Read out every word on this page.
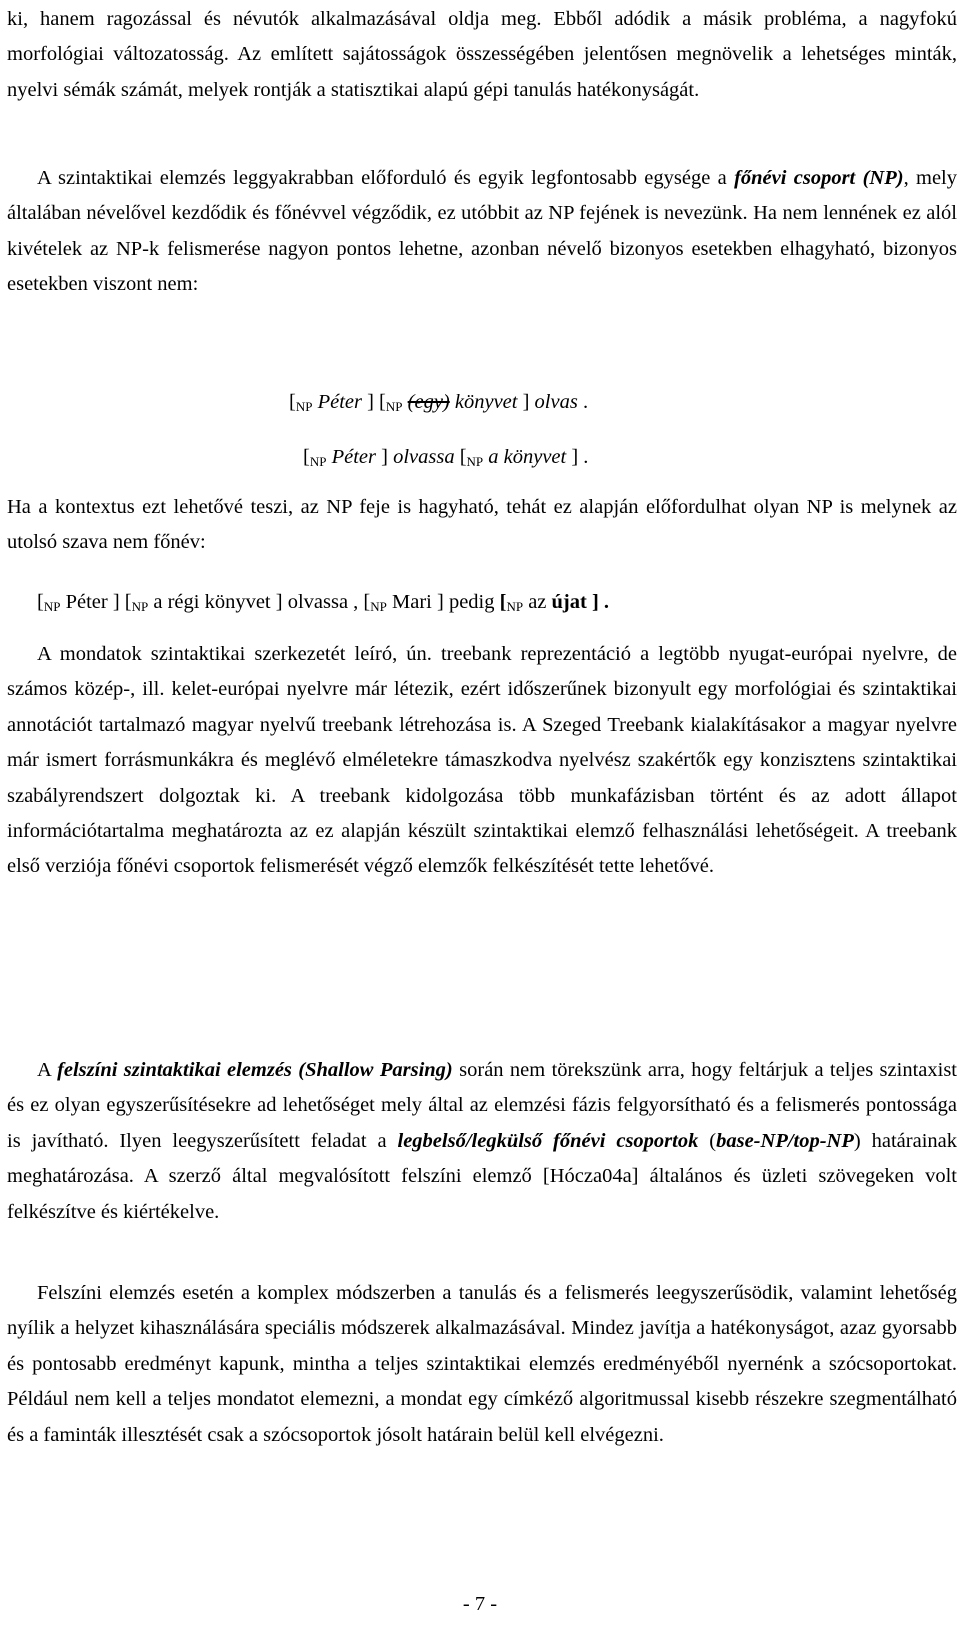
ki, hanem ragozással és névutók alkalmazásával oldja meg. Ebből adódik a másik probléma, a nagyfokú morfológiai változatosság. Az említett sajátosságok összességében jelentősen megnövelik a lehetséges minták, nyelvi sémák számát, melyek rontják a statisztikai alapú gépi tanulás hatékonyságát.

A szintaktikai elemzés leggyakrabban előforduló és egyik legfontosabb egysége a főnévi csoport (NP), mely általában névelővel kezdődik és főnévvel végződik, ez utóbbit az NP fejének is nevezünk. Ha nem lennének ez alól kivételek az NP-k felismerése nagyon pontos lehetne, azonban névelő bizonyos esetekben elhagyható, bizonyos esetekben viszont nem:

[NP Péter ] [NP (egy) könyvet ] olvas .
[NP Péter ] olvassa [NP a könyvet ] .

Ha a kontextus ezt lehetővé teszi, az NP feje is hagyható, tehát ez alapján előfordulhat olyan NP is melynek az utolsó szava nem főnév:

[NP Péter ] [NP a régi könyvet ] olvassa , [NP Mari ] pedig [NP az újat ] .

A mondatok szintaktikai szerkezetét leíró, ún. treebank reprezentáció a legtöbb nyugat-európai nyelvre, de számos közép-, ill. kelet-európai nyelvre már létezik, ezért időszerűnek bizonyult egy morfológiai és szintaktikai annotációt tartalmazó magyar nyelvű treebank létrehozása is. A Szeged Treebank kialakításakor a magyar nyelvre már ismert forrásmunkákra és meglévő elméletekre támaszkodva nyelvész szakértők egy konzisztens szintaktikai szabályrendszert dolgoztak ki. A treebank kidolgozása több munkafázisban történt és az adott állapot információtartalma meghatározta az ez alapján készült szintaktikai elemző felhasználási lehetőségeit. A treebank első verziója főnévi csoportok felismerését végző elemzők felkészítését tette lehetővé.

A felszíni szintaktikai elemzés (Shallow Parsing) során nem törekszünk arra, hogy feltárjuk a teljes szintaxist és ez olyan egyszerűsítésekre ad lehetőséget mely által az elemzési fázis felgyorsítható és a felismerés pontossága is javítható. Ilyen leegyszerűsített feladat a legbelső/legkülső főnévi csoportok (base-NP/top-NP) határainak meghatározása. A szerző által megvalósított felszíni elemző [Hócza04a] általános és üzleti szövegeken volt felkészítve és kiértékelve.

Felszíni elemzés esetén a komplex módszerben a tanulás és a felismerés leegyszerűsödik, valamint lehetőség nyílik a helyzet kihasználására speciális módszerek alkalmazásával. Mindez javítja a hatékonyságot, azaz gyorsabb és pontosabb eredményt kapunk, mintha a teljes szintaktikai elemzés eredményéből nyernénk a szócsoportokat. Például nem kell a teljes mondatot elemezni, a mondat egy címkéző algoritmussal kisebb részekre szegmentálható és a faminták illesztését csak a szócsoportok jósolt határain belül kell elvégezni.

- 7 -
